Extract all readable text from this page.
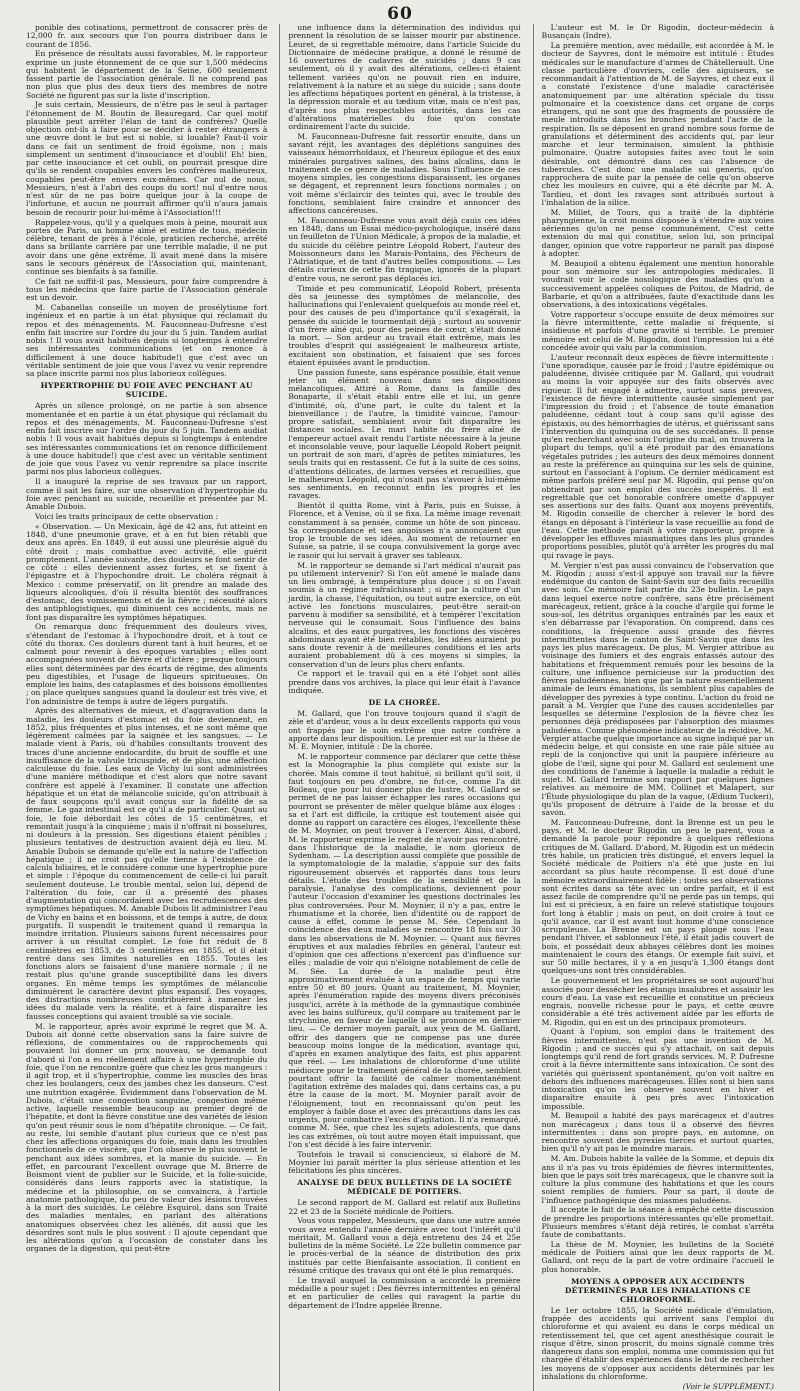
60

ponible des cotisations, permettront de consacrer près de 12,000 fr. aux secours que l'on pourra distribuer dans le courant de 1856.

En présence de résultats aussi favorables, M. le rapporteur exprime un juste étonnement de ce que sur 1,500 médecins qui habitent le département de la Seine, 600 seulement fassent partie de l'association générale. Il ne comprend pas non plus que plus des deux tiers des membres de notre Société ne figurent pas sur la liste d'inscription.

Je suis certain, Messieurs, de n'être pas le seul à partager l'étonnement de M. Boutin de Beauregard. Car quel motif plausible peut arrêter l'élan de tant de confrères? Quelle objection ont-ils à faire pour se décider à rester étrangers à une œuvre dont le but est si noble, si louable? Faut-il voir dans ce fait un sentiment de froid égoïsme, non ; mais simplement un sentiment d'insouciance et d'oubli! Eh! bien, par cette insouciance et cet oubli, on pourrait presque dire qu'ils se rendent coupables envers les confrères malheureux, coupables peut-être envers eux-mêmes. Car nul de nous, Messieurs, n'est à l'abri des coups du sort! nul d'entre nous n'est sûr de ne pas boire quelque jour à la coupe de l'infortune, et aucun ne pourrait affirmer qu'il n'aura jamais besoin de recourir pour lui-même à l'Association!!!

Rappelez-vous, qu'il y a quelques mois à peine, mourait aux portes de Paris, un homme aimé et estimé de tous, médecin célèbre, tenant de près à l'école, praticien recherché, arrêté dans sa brillante carrière par une terrible maladie, il ne put avoir dans une gêne extrême. Il avait mené dans la misère sans le secours généreux de l'Association qui, maintenant, continue ses bienfaits à sa famille.

Ce fait ne suffit-il pas, Messieurs, pour faire comprendre à tous les médecins que faire partie de l'Association générale est un devoir.

M. Cabanellas conseille un moyen de prosélytisme fort ingénieux et en partie à un état physique qui réclamait du repos et des ménagements. M. Fauconneau-Dufresne s'est enfin fait inscrire sur l'ordre du jour du 5 juin. Tandem audiat nobis ! Il vous avait habitués depuis si longtemps à entendre ses intéressantes communications (et on renonce à difficilement à une douce habitude!) que c'est avec un véritable sentiment de joie que vous l'avez vu venir reprendre sa place inscrite parmi nos plus laborieux collègues.

HYPERTROPHIE DU FOIE AVEC PENCHANT AU SUICIDE.

Après un silence prolongé, on ne partie à son absence momentanée et en partie à un état physique qui réclamait du repos et des ménagements, M. Fauconneau-Dufresne s'est enfin fait inscrire sur l'ordre du jour du 5 juin. Tandem audiat nobis ! Il vous avait habitués depuis si longtemps à entendre ses intéressantes communications (et on renonce difficilement à une douce habitude!) que c'est avec un véritable sentiment de joie que vous l'avez vu venir reprendre sa place inscrite parmi nos plus laborieux collègues.

Il a inauguré la reprise de ses travaux par un rapport, comme il sait les faire, sur une observation d'hypertrophie du foie avec penchant au suicide, recueillie et présentée par M. Amable Dubois.

Voici les traits principaux de cette observation :

« Observation. — Un Mexicain, âgé de 42 ans, fut atteint en 1848, d'une pneumonie grave, et à en fut bien rétabli que deux ans après. En 1849, il eut aussi une pleurésie aiguë du côté droit ; mais combattue avec activité, elle guérit promptement. L'année suivante, des douleurs se font sentir de ce côté : elles deviennent assez fortes, et se fixent à l'épigastre et à l'hypochondre droit. Le choléra régnait à Mexico : comme préservatif, on lit prendre au malade des liqueurs alcooliques, d'où il résulta bientôt des souffrances d'estomac, des vomissements et de la fièvre ; nécessité alors des antiphlogistiques, qui diminuent ces accidents, mais ne font pas disparaître les symptômes hépatiques.

On remarqua donc fréquemment des douleurs vives, s'étendant de l'estomac à l'hypochondre droit, et à tout ce côté du thorax. Ces douleurs durent tant à huit heures, et se calment pour revenir à des époques variables ; elles sont accompagnées souvent de fièvre et d'ictère ; presque toujours elles sont déterminées par des écarts de régime, des aliments peu digestibles, et l'usage de liqueurs spiritueuses. On emploie les bains, des cataplasmes et des boissons émollientes ; on place quelques sangsues quand la douleur est très vive, et l'on administre de temps à autre de légers purgatifs.

Après des alternatives de mieux, et d'aggravation dans la maladie, les douleurs d'estomac et du foie deviennent, en 1852, plus fréquentes et plus intenses, et ne sont même que légèrement calmées par la saignée et les sangsues. — Le malade vient à Paris, où d'habiles consultants trouvent des traces d'une ancienne endocardite, du bruit de souffle et une insuffisance de la valvule tricuspide, et de plus, une affection calculeuse du foie. Les eaux de Vichy lui sont administrées d'une manière méthodique et c'est alors que notre savant confrère est appelé à l'examiner. Il constate une affection hépatique et un état de mélancolie suicide, qu'on attribuait à de faux soupçons qu'il avait conçus sur la fidélité de sa femme. Le gaz intestinal est ce qu'il a de particulier. Quant au foie, le foie débordait les côtes de 15 centimètres, et remontait jusqu'à la cinquième ; mais il n'offrait ni bosselures, ni douleurs à la pression. Ses digestions étaient pénibles ; plusieurs tentatives de destruction avaient déjà eu lieu. M. Amable Dubois se demande qu'elle est la nature de l'affection hépatique ; il ne croit pas qu'elle tienne à l'existence de calculs biliaires, et le considère comme une hypertrophie pure et simple : l'époque du commencement de celle-ci lui paraît seulement douteuse. Le trouble mental, selon lui, dépend de l'altération du foie, car il a présenté des phases d'augmentation qui concordaient avec les recrudescences des symptômes hépatiques. M. Amable Dubois lit administrer l'eau de Vichy en bains et en boissons, et de temps à autre, de doux purgatifs. Il suspendit le traitement quand il remarqua la moindre irritation. Plusieurs saisons furent nécessaires pour arriver à un résultat complet. Le foie fut réduit de 8 centimètres en 1853, de 3 centimètres en 1855, et il était rentré dans ses limites naturelles en 1855. Toutes les fonctions alors se faisaient d'une manière normale ; il ne restait plus qu'une grande susceptibilité dans les divers organes. En même temps les symptômes de mélancolie diminuèrent le caractère devint plus expansif. Des voyages, des distractions nombreuses contribuèrent à ramener les idées du malade vers la réalité, et à faire disparaître les fausses conceptions qui avaient troublé sa vie sociale.

M. le rapporteur, après avoir exprimé le regret que M. A. Dubois ait donné cette observation sans la faire suivre de réflexions, de commentaires ou de rapprochements qui pouvaient lui donner un prix nouveau, se demande tout d'abord si l'on a eu réellement affaire à une hypertrophie du foie, que l'on ne rencontre guère que chez les gros mangeurs : il agit trop, et il s'hypertrophie, comme les muscles des bras chez les boulangers, ceux des jambes chez les danseurs. C'est une nutrition exagérée. Évidemment dans l'observation de M. Dubois, c'était une congestion sanguine, congestion même active, laquelle ressemble beaucoup au premier degré de l'hépatite, et dont la fièvre constitue une des variétés de lésion qu'on peut réunir sous le nom d'hépatite chronique. — Ce fait, au reste, lui semble d'autant plus curieux que ce n'est pas chez les affections organiques du foie, mais dans les troubles fonctionnels de ce viscère, que l'on observe le plus souvent le penchant aux idées sombres, et la manie du suicide. — En effet, en parcourant l'excellent ouvrage que M. Brierre de Boismont vient de publier sur le Suicide, et la folie-suicide, considérés dans leurs rapports avec la statistique, la médecine et la philosophie, on se convaincra, à l'article anatomie pathologique, du peu de valeur des lésions trouvées à la mort des suicidés. Le célèbre Esquirol, dans son Traité des maladies mentales, en parlant des altérations anatomiques observées chez les aliénés, dit aussi que les désordres sont nuls le plus souvent : Il ajoute cependant que les altérations qu'on a l'occasion de constater dans les organes de la digestion, qui peut-être

une influence dans la détermination des individus qui prennent la résolution de se laisser mourir par abstinence. Leuret, de si regrettable mémoire, dans l'article Suicide du Dictionnaire de médecine pratique, a donné le résumé de 16 ouvertures de cadavres de suicidés ; dans 9 cas seulement, où il y avait des altérations, celles-ci étaient tellement variées qu'on ne pouvait rien en induire, relativement à la nature et au siège du suicide ; sans doute les affections hépatiques portent en général, à la tristesse, à la dépression morale et au tædium vitæ, mais ce n'est pas, d'après nos plus respectables autorités, dans les cas d'altérations matérielles du foie qu'on constate ordinairement l'acte du suicide.

M. Fauconneau-Dufresne fait ressortir ensuite, dans un savant réjit, les avantages des déplétions sanguines des vaisseaux hémorrhoïdaux, et l'heureux épilogue et des eaux minérales purgatives salines, des bains alcalins, dans le traitement de ce genre de maladies. Sous l'influence de ces moyens simples, les congestions disparaissent, les organes se dégagent, et reprennent leurs fonctions normales ; on voit même s'éclaircir des teintes qui, avec le trouble des fonctions, semblaient faire craindre et annoncer des affections cancéreuses.

M. Fauconneau-Dufresne vous avait déjà cauis ces idées en 1848, dans un Essai médico-psychologique, inséré dans un feuilleton de l'Union Médicale, à propos de la maladie, et du suicide du célèbre peintre Léopold Robert, l'auteur des Moissonneurs dans les Marais-Pontains, des Pêcheurs de l'Adriatique, et de tant d'autres belles compositions. — Les détails curieux de cette fin tragique, ignorés de la plupart d'entre vous, ne seront pas déplacés ici.

Timide et peu communicatif, Léopold Robert, présenta dès sa jeunesse des symptômes de mélancolie, des hallucinations qui l'enlevaient quelquefois au monde réel et, pour des causes de peu d'importance qu'il s'exagérait, la pensée du suicide le tourmentait déjà ; surtout au souvenir d'un frère aîné qui, pour des peines de cœur, s'était donné la mort. — Son ardeur au travail était extrême, mais les troubles d'esprit qui assiégeaient le malheureux artiste, excitaient son obstination, et faisaient que ses forces étaient épuisées avant le production.

Une passion funeste, sans espérance possible, était venue jeter un élément nouveau dans ses dispositions mélancoliques. Attiré à Rome, dans la famille des Bonaparte, il s'était établi entre elle et lui, un genre d'intimité, où, d'une part, le culte du talent et la bienveillance ; de l'autre, la timidité vaincue, l'amour-propre satisfait, semblaient avoir fait disparaître les distances sociales. Le mari habite du frère aîné de l'empereur actuel avait rendu l'artiste nécessaire à la jeune et inconsolable veuve, pour laquelle Léopold Robert peignit un portrait de son mari, d'après de petites miniatures, les seuls traits qui en restassent. Ce fut à la suite de ces soins, d'attentions délicates, de larmes versées et recueillies, que le malheureux Léopold, qui n'osait pas s'avouer à lui-même ses sentiments, en reconnut enfin les progrès et les ravages.

Bientôt il quitta Rome, vint à Paris, puis en Suisse, à Florence, et à Venise, où il se fixa. La même image revenait constamment à sa pensée, comme un hôte de son pinceau. Sa correspondance et ses angoisses n'a annonçaient que trop le trouble de ses idées. Au moment de retourner en Suisse, sa patrie, il se coupa convulsivement la gorge avec le rasoir qui lui servait à graver ses tableaux.

M. le rapporteur se demande si l'art médical n'aurait pas pu utilement intervenir? Si l'on eût amené le malade dans un lieu ombragé, à température plus douce ; si on l'avait soumis à un régime rafraîchissant ; si par la culture d'un jardin, la chasse, l'équitation, ou tout autre exercice, on eût activé les fonctions musculaires, peut-être serait-on parvenu à modifier sa sensibilité, et à tempérer l'excitation nerveuse qui le consumait. Sous l'influence des bains alcalins, et des eaux purgatives, les fonctions des viscères abdominaux ayant été bien rétablies, les idées auraient pu sans doute revenir à de meilleures conditions et les arts auraient probablement dû à ces moyens si simples, la conservation d'un de leurs plus chers enfants.

Ce rapport et le travail qui en a été l'objet sont allés prendre dans vos archives, la place qui leur était à l'avance indiquée.

DE LA CHORÉE.

M. Gallard, que l'on trouve toujours quand il s'agit de zèle et d'ardeur, vous a lu deux excellents rapports qui vous ont frappés par le soin extrême que notre confrère a apporté dans leur disposition. Le premier est sur la thèse de M. E. Moynier, intitulé : De la chorée.

M. le rapporteur commence par déclarer que cette thèse est la Monographie la plus complète qui existe sur la chorée. Mais comme il tout habitué, si brillant qu'il soit, il faut toujours en peu d'ombre, ne fut-ce, comme l'a dit Boileau, que pour lui donner plus de lustre, M. Gallard se permet de ne pas laisser échapper les rares occasions qui pourront se présenter de mêler quelque blâme aux éloges : sa et l'art est difficile, la critique est toutement aisée qui donne au rapport un caractère ces éloges, l'excellente thèse de M. Moynier, on peut trouver à l'exercer. Ainsi, d'abord, M. le rapporteur exprime le regret de n'avoir pas rencontré, dans l'historique de la maladie, le nom glorieux de Sydenham. — La description aussi complète que possible de la symptomatologie de la maladie, s'appuie sur des faits rigoureusement observés et rapportés dans tous leurs détails. L'étude des troubles de la sensibilité et de la paralysie, l'analyse des complications, deviennent pour l'auteur l'occasion d'examiner les questions doctrinales les plus controversées. Pour M. Moynier, il n'y a pas, entre le rhumatisme et la chorée, lien d'identité ou de rapport de cause à effet, comme le pense M. Sée. Cependant la coïncidence des deux maladies se rencontre 18 fois sur 30 dans les observations de M. Moynier. — Quant aux fièvres éruptives et aux maladies fébriles en général, l'auteur est d'opinion que ces affections n'exercent pas d'influence sur elles ; maladie de voir qui n'éloigne notablement de celle de M. Sée. La durée de la maladie peut être approximativement évaluée à un espace de temps qui varie entre 50 et 80 jours. Quant au traitement, M. Moynier, après l'énumération rapide des moyens divers préconisés jusqu'ici, arrête à la méthode de la gymnastique combinée avec les bains sulfureux, qu'il compare au traitement par le strychnine, en faveur de laquelle il se prononce en dernier lieu. — Ce dernier moyen paraît, aux yeux de M. Gallard, offrir des dangers que ne compense pas une durée beaucoup moins longue de la médication, avantage qui, d'après en examen analytique des faits, est plus apparent que réel. — Les inhalations de chloroforme d'une utilité médiocre pour le traitement général de la chorée, semblent pourtant offrir la facilité de calmer momentanément l'agitation extrême des malades qui, dans certains cas, a pu être la cause de la mort. M. Moynier paraît avoir de l'éloignement, tout en reconnaissant qu'on peut les employer à faible dose et avec des précautions dans les cas urgents, pour combattre l'excès d'agitation. Il n'a remarqué, comme M. Sée, que chez les sujets adolescents, que dans les cas extrêmes, où tout autre moyen était impuissant, que l'on s'est décidé à les faire intervenir.

Toutefois le travail si consciencieux, si élaboré de M. Moynier lui paraît mériter la plus sérieuse attention et les félicitations les plus sincères.

ANALYSE DE DEUX BULLETINS DE LA SOCIÉTÉ MÉDICALE DE POITIERS.

Le second rapport de M. Gallard est relatif aux Bulletins 22 et 23 de la Société médicale de Poitiers.

Vous vous rappelez, Messieurs, que dans une autre année vous avez entendu l'année dernière avec tout l'intérêt qu'il méritait, M. Gallard vous a déjà entretenu des 24 et 25e bulletins de la même Société. Le 22e bulletin commence par le procès-verbal de la séance de distribution des prix institués par cette Bienfaisante association. Il contient en résumé critique des travaux qui ont été le plus remarqués.

Le travail auquel la commission a accordé la première médaille a pour sujet : Des fièvres intermittentes en général et en particulier de celles qui ravagent la partie du département de l'Indre appelée Brenne.

L'auteur est M. le Dr Rigodin, docteur-médecin à Busançais (Indre).

La première mention, avec médaille, est accordée à M. le docteur de Sayvres, dont le mémoire est intitulé : Études médicales sur le manufacture d'armes de Châtellerault. Une classe particulière d'ouvriers, celle des aiguiseurs, se recommandait à l'attention de M. de Sayvres, et chez eux il a constaté l'existence d'une maladie caractérisée anatomiquement par une altération spéciale du tissu pulmonaire et la coexistence dans cet organe de corps étrangers, qui ne sont que des fragments de poussière de meule introduits dans les bronches pendant l'acte de la respiration. Ils se déposent en grand nombre sous forme de granulations et déterminent des accidents qui, par leur marche et leur terminaison, simulent la phthisie pulmonaire. Quatre autopsies faites avec tout le soin désirable, ont démontré dans ces cas l'absence de tubercules. C'est donc une maladie sui generis, qu'on rapprochera de suite par la pensée de celle qu'on observe chez les mouleurs en cuivre, qui a été décrite par M. A. Tardieu, et dont les ravages sont attribués surtout à l'inhalation de la silice.

M. Millet, de Tours, qui a traité de la diphtérie pharyngienne, la croit moins disposée à s'étendre aux voies aériennes qu'on ne pense communément. C'est cette extension du mal qui constitue, selon lui, son principal danger, opinion que votre rapporteur ne paraît pas disposé à adopter.

M. Beaupoil a obtenu également une mention honorable pour son mémoire sur les antropologies médicales. Il voudrait voir le code nosologique des maladies qu'on a successivement appelées coliques de Poitou, de Madrid, de Barbarie, et qu'on a attribuées, faute d'exactitude dans les observations, à des intoxications végétales.

Votre rapporteur s'occupe ensuite de deux mémoires sur la fièvre intermittente, cette maladie si fréquente, si insidieuse et parfois d'une gravité si terrible. Le premier mémoire est celui de M. Rigodin, dont l'impression lui a été concédée avoir qui valu par la commission.

L'auteur reconnaît deux espèces de fièvre intermittente : l'une sporadique, causée par le froid ; l'autre épidémique ou paludéenne, divisée critiquée par M. Gallard, qui voudrait au moins la voir appuyée sur des faits observés avec rigueur. Il fut engagé à admettre, surtout sans preuves, l'existence de fièvre intermittente causée simplement par l'impression du froid ; et l'absence de toute émanation paludéenne, cédant tout à coup sans qu'il agisse des épistaxis, ou des hémorrhagies de utérus, et guérissant sans l'intervention du quinquina ou de ses succédanés. Il pense qu'en recherchant avec soin l'origine du mal, on trouvera la plupart du temps, qu'il a été produit par des émanations végétales putrides ; les auteurs des deux mémoires donnent au reste la préférence au quinquina sur les sels de quinine, surtout en l'associant à l'opium. Ce dernier médicament est même parfois préféré seul par M. Rigodin, qui pense qu'on obtiendrait par son emploi des succès inespérés. Il est regrettable que cet honorable confrère omette d'appuyer ses assertions sur des faits. Quant aux moyens préventifs, M. Rigodin conseille de chercher à relever le bord des étangs en déposant à l'intérieur la vase recueillie au fond de l'eau. Cette méthode paraît à votre rapporteur, propre à développer les effluves miasmatiques dans les plus grandes proportions possibles, plutôt qu'à arrêter les progrès du mal qui ravage le pays.

M. Vergier n'est pas aussi convaincu de l'observation que M. Rigodin ; aussi s'est-il appuyé son travail sur la fièvre endémique du canton de Saint-Savin sur des faits recueillis avec soin. Ce mémoire fait partie du 23e bulletin. Le pays dans lequel exerce notre confrère, sans être précisément marécageux, retient, grâce à la couche d'argile qui forme le sous-sol, les détritus organiques entraînés par les eaux et s'en débarrasse par l'évaporation. On comprend, dans ces conditions, la fréquence aussi grande des fièvres intermittentes dans le canton de Saint-Savin que dans les pays les plus marécageux. De plus, M. Vergier attribue au voisinage des fumiers et des engrais entassés autour des habitations et fréquemment remués pour les besoins de la culture, une influence pernicieuse sur la production des fièvres paludéennes, bien que par la nature essentiellement animale de leurs émanations, ils semblent plus capables de développer des pyrexies à type continu. L'action du froid ne paraît à M. Vergier que l'une des causes accidentelles par lesquelles se détermine l'explosion de la fièvre chez les personnes déjà prédisposées par l'absorption des miasmes paludéens. Comme phénomène indicateur de la récidive, M. Vergier attache quelque importance au signe indiqué par un médecin belge, et qui consiste en une raie pâle située au repli de la conjonctive qui unit la paupière inférieure au globe de l'œil, signe qui pour M. Gallard est seulement une des conditions de l'anémie à laquelle la maladie a réduit le sujet. M. Gallard termine son rapport par quelques lignes relatives au mémoire de MM. Collinet et Malapert, sur l'Étude physiologique du plan de la vague, (Ædium Tuckeri), qu'ils proposent de détruire à l'aide de la brosse et du savon.

M. Fauconneau-Dufresne, dont la Brenne est un peu le pays, et M. le docteur Rigodin un peu le parent, vous a demandé la parole pour répondre à quelques réflexions critiques de M. Gallard. D'abord, M. Rigodin est un médecin très habile, un praticien très distingué, et envers lequel la Société médicale de Poitiers n'a été que juste en lui accordant sa plus haute récompense. Il est doué d'une mémoire extraordinairement fidèle : toutes ses observations sont écrites dans sa tête avec un ordre parfait, et il est assez facile de comprendre qu'il ne perde pas un temps, qui lui est si précieux, à en faire un relevé statistique toujours fort long à établir ; mais on peut, on doit croire à tout ce qu'il avance, car il est avant tout homme d'une conscience scrupuleuse. La Brenne est un pays plongé sous l'eau pendant l'hiver, et sablonneux l'été, il était jadis couvert de bois, et possédait deux abbayes célèbres dont les moines maintenaient le cours des étangs. Or exemple fait suivi, et sur 50 mille hectares, il y a en jusqu'à 1,300 étangs dont quelques-uns sont très considérables.

Le gouvernement et les propriétaires se sont aujourd'hui associés pour dessécher les étangs insalubres et assainir les cours d'eau. La vase est recueillie et constitue un précieux engrais, nouvelle richesse pour le pays, et cette œuvre considérable a été très activement aidée par les efforts de M. Rigodin, qui en est un des principaux promoteurs.

Quant à l'opium, son emploi dans le traitement des fièvres intermittentes, n'est pas une invention de M. Rigodin ; and ce succès qui s'y attachait, on sait depuis longtemps qu'il rend de fort grands services. M. P. Dufresne croit à la fièvre intermittente sans intoxication. Ce sont des variétés qui guérissent spontanément, qu'on voit naître en dehors des influences marécageuses. Elles sont si bien sans intoxication qu'on les observe souvent en hiver et disparaître ensuite à peu près avec l'intoxication impossible.

M. Beaupoil a habité des pays marécageux et d'autres non marécageux ; dans tous il a observé des fièvres intermittentes : dans son propre pays, en automne, on rencontre souvent des pyrexies tierces et surtout quartes, bien qu'il n'y ait pas le moindre marais.

M. Am. Dubois habite la vallée de la Somme, et depuis dix ans il n'a pas vu trois épidémies de fièvres intermittentes, bien que le pays soit très marécageux, que le chanvre soit la culture la plus commune des habitations et que les cours soient remplies de fumiers. Pour sa part, il doute de l'influence pathogénique des miasmes paludéens.

Il accepte le fait de la séance à empêché cette discussion de prendre les proportions intéressantes qu'elle promettait. Plusieurs membres s'étant déjà retirés, le combat s'arrêta faute de combattants.

La thèse de M. Moynier, les bulletins de la Société médicale de Poitiers ainsi que les deux rapports de M. Gallard, ont reçu de la part de votre ordinaire l'accueil le plus honorable.

MOYENS A OPPOSER AUX ACCIDENTS DÉTERMINÉS PAR LES INHALATIONS CE CHLOROFORME.

Le 1er octobre 1855, la Société médicale d'émulation, frappée des accidents qui arrivent sans l'emploi du chloroforme et qui avaient eu dans le corps médical un retentissement tel, que cet agent anesthésique courait le risque d'être, sinon proscrit, du moins signalé comme très dangereux dans son emploi, nomma une commission qui fut chargée d'établir des expériences dans le but de rechercher les moyens de s'opposer aux accidents déterminés par les inhalations du chloroforme.

(Voir le SUPPLÉMENT.)
